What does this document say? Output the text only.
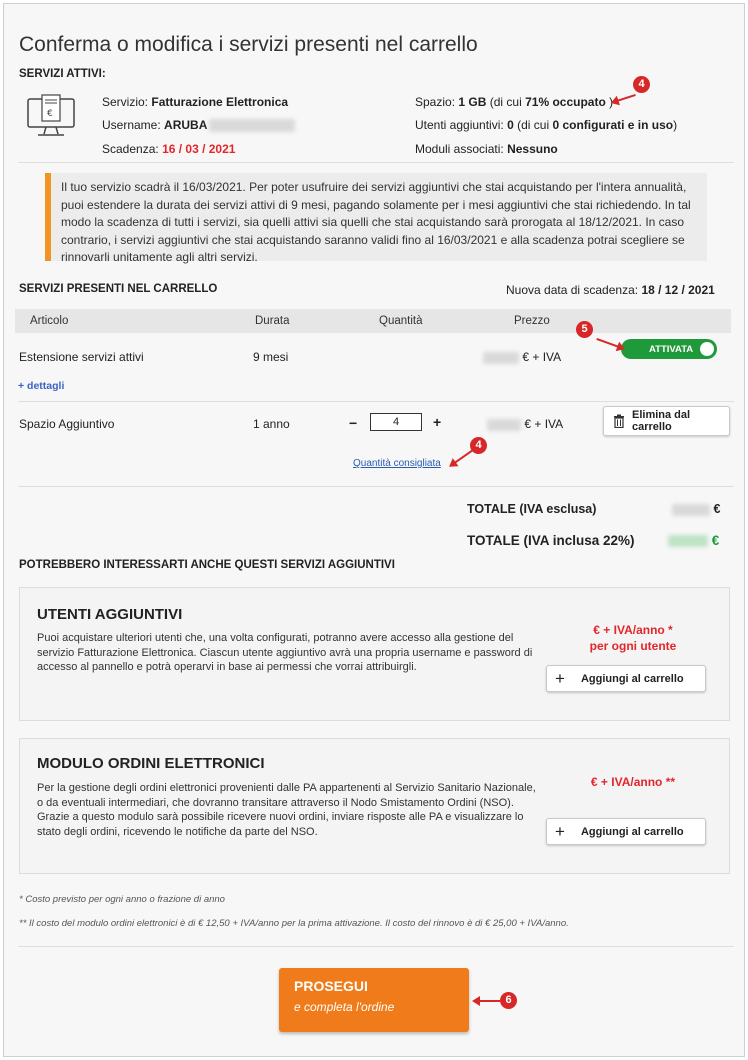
Conferma o modifica i servizi presenti nel carrello
SERVIZI ATTIVI:
€
Servizio: Fatturazione Elettronica
Username: ARUBA
Scadenza: 16 / 03 / 2021
Spazio: 1 GB (di cui 71% occupato
Utenti aggiuntivi: 0 (di cui 0 configurati e in uso)
Moduli associati: Nessuno
4
Il tuo servizio scadrà il 16/03/2021. Per poter usufruire dei servizi aggiuntivi che stai acquistando per l'intera annualità, puoi estendere la durata dei servizi attivi di 9 mesi, pagando solamente per i mesi aggiuntivi che stai richiedendo. In tal modo la scadenza di tutti i servizi, sia quelli attivi sia quelli che stai acquistando sarà prorogata al 18/12/2021. In caso contrario, i servizi aggiuntivi che stai acquistando saranno validi fino al 16/03/2021 e alla scadenza potrai scegliere se rinnovarli unitamente agli altri servizi.
SERVIZI PRESENTI NEL CARRELLO	Nuova data di scadenza: 18 / 12 / 2021
Articolo	Durata	Quantità	Prezzo
Estensione servizi attivi	9 mesi	€ + IVA
ATTIVATA
+ dettagli
5
Spazio Aggiuntivo	1 anno	−	4	+	€ + IVA
Elimina dal carrello
Quantità consigliata
4
TOTALE (IVA esclusa)	€
TOTALE (IVA inclusa 22%)	€
POTREBBERO INTERESSARTI ANCHE QUESTI SERVIZI AGGIUNTIVI
UTENTI AGGIUNTIVI
Puoi acquistare ulteriori utenti che, una volta configurati, potranno avere accesso alla gestione del servizio Fatturazione Elettronica. Ciascun utente aggiuntivo avrà una propria username e password di accesso al pannello e potrà operarvi in base ai permessi che vorrai attribuirgli.
€ + IVA/anno *
per ogni utente
+ Aggiungi al carrello
MODULO ORDINI ELETTRONICI
Per la gestione degli ordini elettronici provenienti dalle PA appartenenti al Servizio Sanitario Nazionale, o da eventuali intermediari, che dovranno transitare attraverso il Nodo Smistamento Ordini (NSO). Grazie a questo modulo sarà possibile ricevere nuovi ordini, inviare risposte alle PA e visualizzare lo stato degli ordini, ricevendo le notifiche da parte del NSO.
€ + IVA/anno **
+ Aggiungi al carrello
* Costo previsto per ogni anno o frazione di anno
** Il costo del modulo ordini elettronici è di € 12,50 + IVA/anno per la prima attivazione. Il costo del rinnovo è di € 25,00 + IVA/anno.
PROSEGUI
e completa l'ordine	6
